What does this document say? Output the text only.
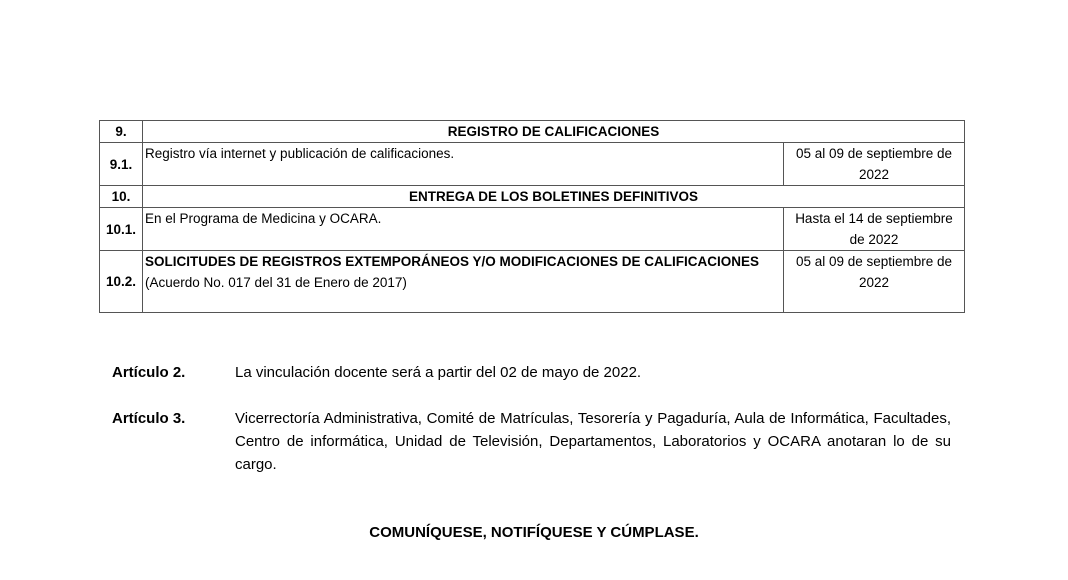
9.	REGISTRO DE CALIFICACIONES	
9.1.	Registro vía internet y publicación de calificaciones.	05 al 09 de septiembre de 2022
10.	ENTREGA DE LOS BOLETINES DEFINITIVOS	
10.1.	En el Programa de Medicina y OCARA.	Hasta el 14 de septiembre de 2022
10.2.	SOLICITUDES DE REGISTROS EXTEMPORÁNEOS Y/O MODIFICACIONES DE CALIFICACIONES (Acuerdo No. 017 del 31 de Enero de 2017)	05 al 09 de septiembre de 2022
Artículo 2.	La vinculación docente será a partir del 02 de mayo de 2022.
Artículo 3.	Vicerrectoría Administrativa, Comité de Matrículas, Tesorería y Pagaduría, Aula de Informática, Facultades, Centro de informática, Unidad de Televisión, Departamentos, Laboratorios y OCARA anotaran lo de su cargo.
COMUNÍQUESE, NOTIFÍQUESE Y CÚMPLASE.
